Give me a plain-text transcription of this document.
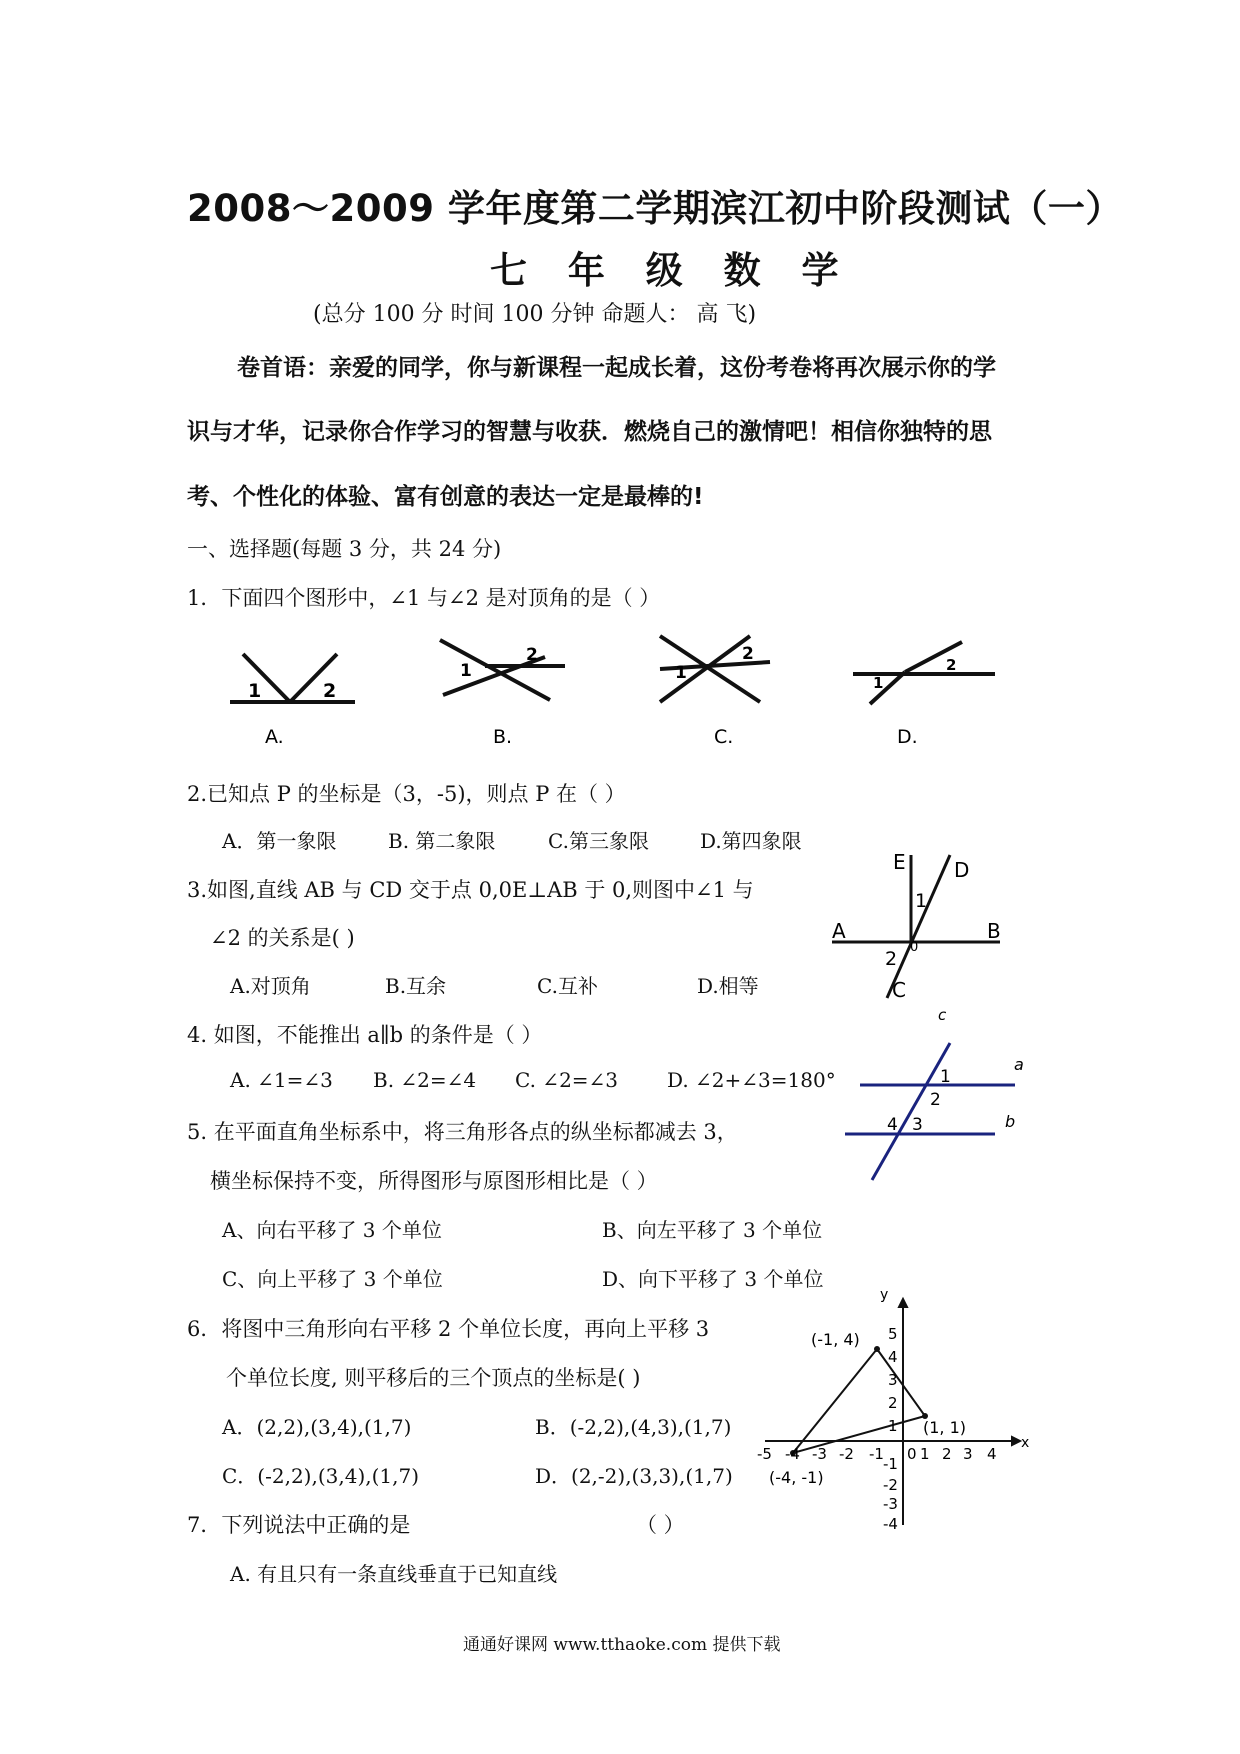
2008～2009 学年度第二学期滨江初中阶段测试（一）
七 年 级 数 学
(总分 100 分 时间 100 分钟 命题人： 高 飞)
卷首语：亲爱的同学，你与新课程一起成长着，这份考卷将再次展示你的学
识与才华，记录你合作学习的智慧与收获．燃烧自己的激情吧！相信你独特的思
考、个性化的体验、富有创意的表达一定是最棒的!
一、选择题(每题 3 分，共 24 分)
1．下面四个图形中，∠1 与∠2 是对顶角的是（ ）
1	2
A.
1
2
B.
1
2
C.
1
2
D.
2.已知点 P 的坐标是（3，-5)，则点 P 在（ ）
A．第一象限	B. 第二象限	C.第三象限	D.第四象限
3.如图,直线 AB 与 CD 交于点 0,0E⊥AB 于 0,则图中∠1 与
∠2 的关系是( )
A.对顶角	B.互余	C.互补	D.相等
A	B
C
D
E
0
1
2
4. 如图，不能推出 a∥b 的条件是（ ）
A. ∠1=∠3 B. ∠2=∠4 C. ∠2=∠3 D. ∠2+∠3=180°
c
a
b
1
2
3
4
5. 在平面直角坐标系中，将三角形各点的纵坐标都减去 3，
横坐标保持不变，所得图形与原图形相比是（ ）
A、向右平移了 3 个单位	B、向左平移了 3 个单位
C、向上平移了 3 个单位	D、向下平移了 3 个单位
6．将图中三角形向右平移 2 个单位长度，再向上平移 3
个单位长度, 则平移后的三个顶点的坐标是( )
A．(2,2),(3,4),(1,7)	B．(-2,2),(4,3),(1,7)
C．(-2,2),(3,4),(1,7)	D．(2,-2),(3,3),(1,7)
x
y
-5 -4 -3 -2 -1 0 1 2 3 4
5
4
3
2
1
-1
-2
-3
-4
(-1, 4)
(1, 1)
(-4, -1)
7．下列说法中正确的是	（ ）
A. 有且只有一条直线垂直于已知直线
通通好课网 www.tthaoke.com 提供下载
